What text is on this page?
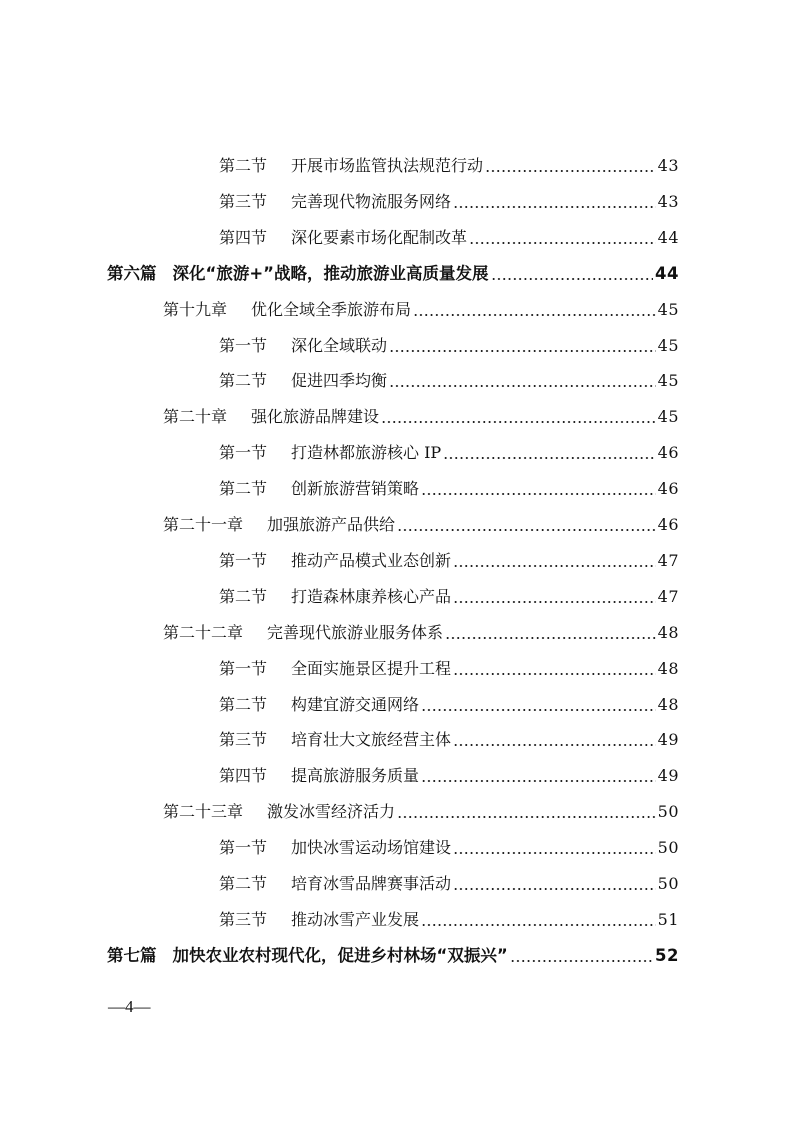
第二节 开展市场监管执法规范行动	43
第三节 完善现代物流服务网络	43
第四节 深化要素市场化配制改革	44
第六篇 深化“旅游+”战略，推动旅游业高质量发展	44
第十九章 优化全域全季旅游布局	45
第一节 深化全域联动	45
第二节 促进四季均衡	45
第二十章 强化旅游品牌建设	45
第一节 打造林都旅游核心 IP	46
第二节 创新旅游营销策略	46
第二十一章 加强旅游产品供给	46
第一节 推动产品模式业态创新	47
第二节 打造森林康养核心产品	47
第二十二章 完善现代旅游业服务体系	48
第一节 全面实施景区提升工程	48
第二节 构建宜游交通网络	48
第三节 培育壮大文旅经营主体	49
第四节 提高旅游服务质量	49
第二十三章 激发冰雪经济活力	50
第一节 加快冰雪运动场馆建设	50
第二节 培育冰雪品牌赛事活动	50
第三节 推动冰雪产业发展	51
第七篇 加快农业农村现代化，促进乡村林场“双振兴”	52
—4—
